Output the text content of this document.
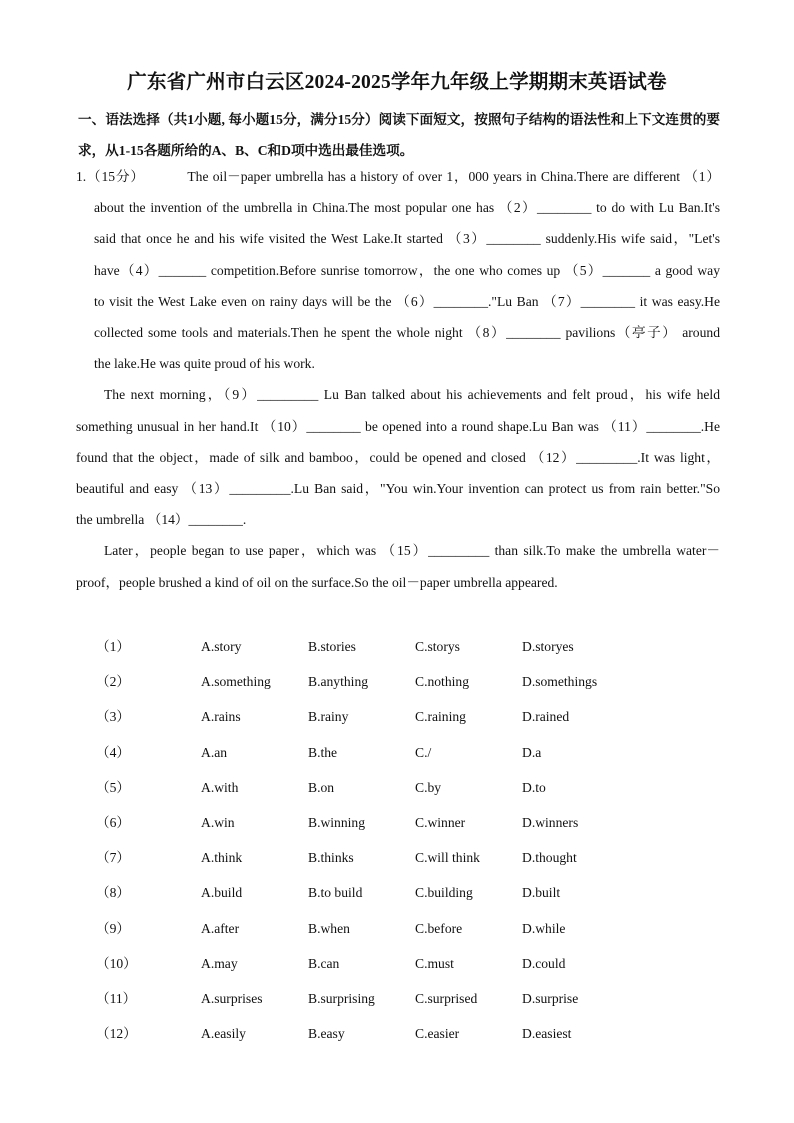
广东省广州市白云区2024-2025学年九年级上学期期末英语试卷
一、语法选择（共1小题, 每小题15分，满分15分）阅读下面短文，按照句子结构的语法性和上下文连贯的要求，从1-15各题所给的A、B、C和D项中选出最佳选项。

1.（15分）	The oil－paper umbrella has a history of over 1，000 years in China.There are different （1）

about the invention of the umbrella in China.The most popular one has （2）________ to do with Lu Ban.It's

said that once he and his wife visited the West Lake.It started （3）________ suddenly.His wife said，"Let's

have（4）_______ competition.Before sunrise tomorrow，the one who comes up （5）_______ a good way

to visit the West Lake even on rainy days will be the （6）________."Lu Ban （7）________ it was easy.He

collected some tools and materials.Then he spent the whole night （8）________ pavilions（亭子） around

the lake.He was quite proud of his work.

The next morning，（9）_________ Lu Ban talked about his achievements and felt proud，his wife held

something unusual in her hand.It （10）________ be opened into a round shape.Lu Ban was （11）________.He

found that the object，made of silk and bamboo，could be opened and closed （12）_________.It was light，

beautiful and easy （13）_________.Lu Ban said，"You win.Your invention can protect us from rain better."So

the umbrella （14）________.

Later，people began to use paper，which was （15）_________ than silk.To make the umbrella water－

proof，people brushed a kind of oil on the surface.So the oil－paper umbrella appeared.

（1）	A.story	B.stories	C.storys	D.storyes
（2）	A.something	B.anything	C.nothing	D.somethings
（3）	A.rains	B.rainy	C.raining	D.rained
（4）	A.an	B.the	C./	D.a
（5）	A.with	B.on	C.by	D.to
（6）	A.win	B.winning	C.winner	D.winners
（7）	A.think	B.thinks	C.will think	D.thought
（8）	A.build	B.to build	C.building	D.built
（9）	A.after	B.when	C.before	D.while
（10）	A.may	B.can	C.must	D.could
（11）	A.surprises	B.surprising	C.surprised	D.surprise
（12）	A.easily	B.easy	C.easier	D.easiest
